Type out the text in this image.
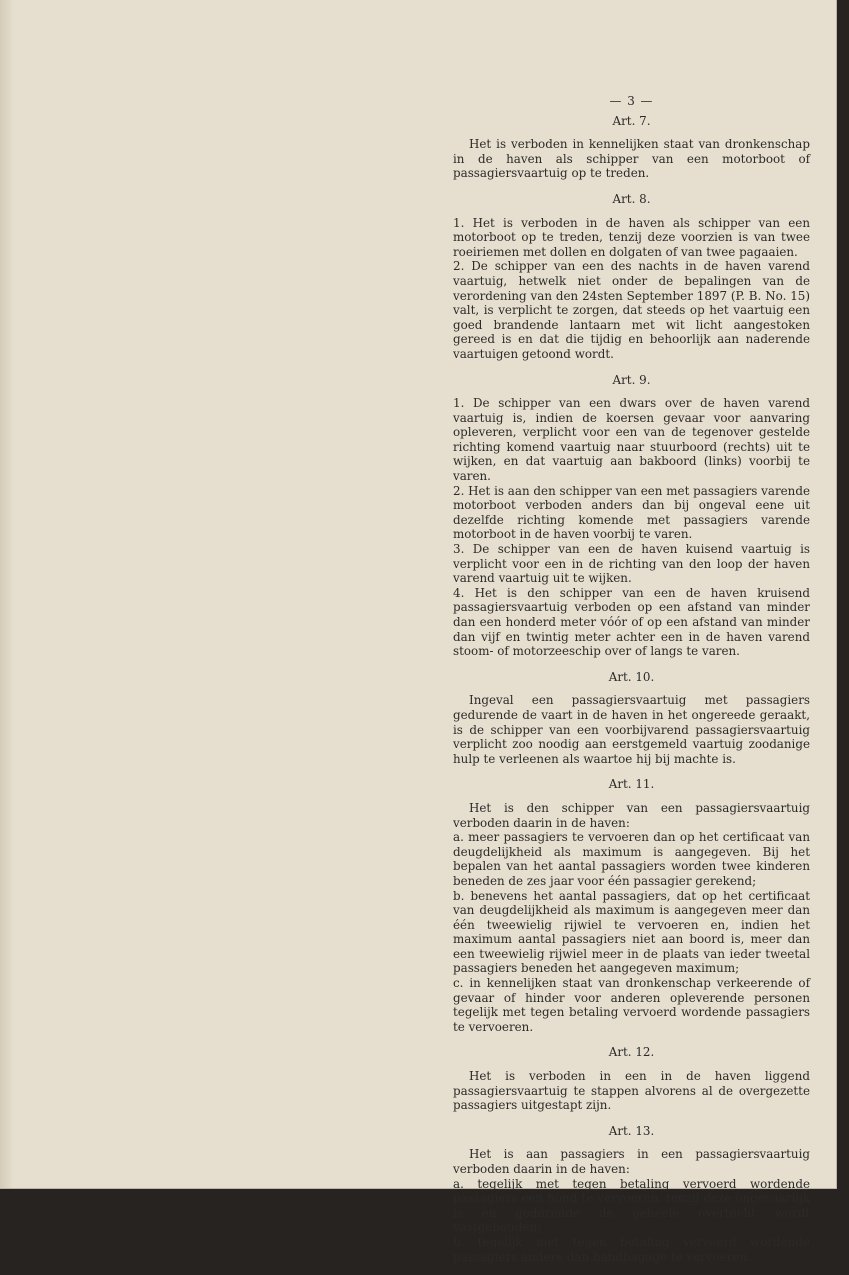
— 3 —

Art. 7.

Het is verboden in kennelijken staat van dronkenschap in de haven als schipper van een motorboot of passagiersvaartuig op te treden.

Art. 8.

1. Het is verboden in de haven als schipper van een motorboot op te treden, tenzij deze voorzien is van twee roeiriemen met dollen en dolgaten of van twee pagaaien.

2. De schipper van een des nachts in de haven varend vaartuig, hetwelk niet onder de bepalingen van de verordening van den 24sten September 1897 (P. B. No. 15) valt, is verplicht te zorgen, dat steeds op het vaartuig een goed brandende lantaarn met wit licht aangestoken gereed is en dat die tijdig en behoorlijk aan naderende vaartuigen getoond wordt.

Art. 9.

1. De schipper van een dwars over de haven varend vaartuig is, indien de koersen gevaar voor aanvaring opleveren, verplicht voor een van de tegenover gestelde richting komend vaartuig naar stuurboord (rechts) uit te wijken, en dat vaartuig aan bakboord (links) voorbij te varen.

2. Het is aan den schipper van een met passagiers varende motorboot verboden anders dan bij ongeval eene uit dezelfde richting komende met passagiers varende motorboot in de haven voorbij te varen.

3. De schipper van een de haven kuisend vaartuig is verplicht voor een in de richting van den loop der haven varend vaartuig uit te wijken.

4. Het is den schipper van een de haven kruisend passagiersvaartuig verboden op een afstand van minder dan een honderd meter vóór of op een afstand van minder dan vijf en twintig meter achter een in de haven varend stoom- of motorzeeschip over of langs te varen.

Art. 10.

Ingeval een passagiersvaartuig met passagiers gedurende de vaart in de haven in het ongereede geraakt, is de schipper van een voorbijvarend passagiersvaartuig verplicht zoo noodig aan eerstgemeld vaartuig zoodanige hulp te verleenen als waartoe hij bij machte is.

Art. 11.

Het is den schipper van een passagiersvaartuig verboden daarin in de haven:

a. meer passagiers te vervoeren dan op het certificaat van deugdelijkheid als maximum is aangegeven. Bij het bepalen van het aantal passagiers worden twee kinderen beneden de zes jaar voor één passagier gerekend;

b. benevens het aantal passagiers, dat op het certificaat van deugdelijkheid als maximum is aangegeven meer dan één tweewielig rijwiel te vervoeren en, indien het maximum aantal passagiers niet aan boord is, meer dan een tweewielig rijwiel meer in de plaats van ieder tweetal passagiers beneden het aangegeven maximum;

c. in kennelijken staat van dronkenschap verkeerende of gevaar of hinder voor anderen opleverende personen tegelijk met tegen betaling vervoerd wordende passagiers te vervoeren.

Art. 12.

Het is verboden in een in de haven liggend passagiersvaartuig te stappen alvorens al de overgezette passagiers uitgestapt zijn.

Art. 13.

Het is aan passagiers in een passagiersvaartuig verboden daarin in de haven:

a. tegelijk met tegen betaling vervoerd wordende passagiers een hond te vervoeren, tenzij deze ongevaarlijk is en gedurende de geheele overtocht wordt vastgehouden;

b. tegelijk met tegen betaling vervoerd wordende passagiers andere dan handbagage te vervoeren.
